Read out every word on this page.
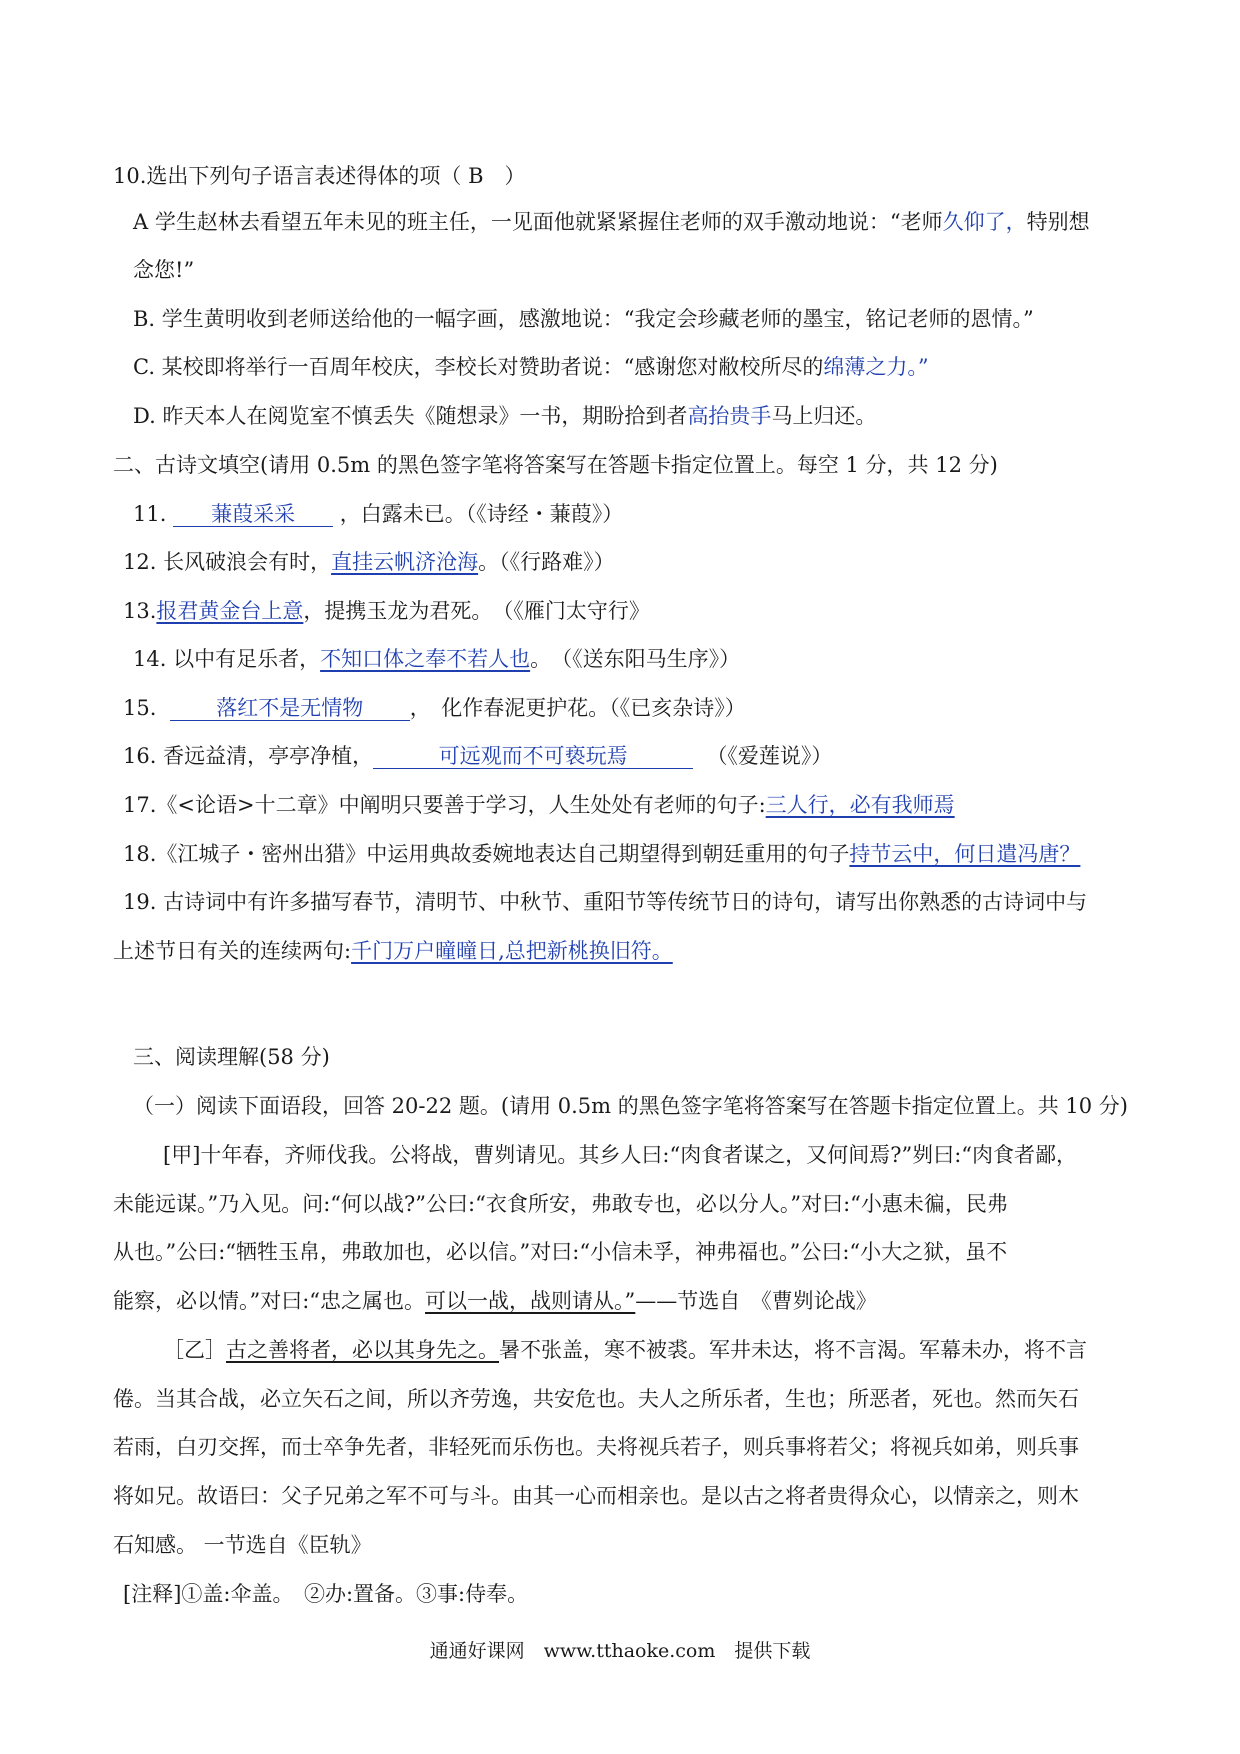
10.选出下列句子语言表述得体的项（ B　）
A 学生赵林去看望五年未见的班主任，一见面他就紧紧握住老师的双手激动地说：“老师久仰了，特别想
念您!”
B. 学生黄明收到老师送给他的一幅字画，感激地说：“我定会珍藏老师的墨宝，铭记老师的恩情。”
C. 某校即将举行一百周年校庆，李校长对赞助者说：“感谢您对敝校所尽的绵薄之力。”
D. 昨天本人在阅览室不慎丢失《随想录》一书，期盼拾到者高抬贵手马上归还。
二、古诗文填空(请用 0.5m 的黑色签字笔将答案写在答题卡指定位置上。每空 1 分，共 12 分)
11. 蒹葭采采 ，白露未已。（《诗经・蒹葭》）
12. 长风破浪会有时，直挂云帆济沧海。（《行路难》）
13.报君黄金台上意，提携玉龙为君死。　（《雁门太守行》
14. 以中有足乐者，不知口体之奉不若人也。　（《送东阳马生序》）
15.	落红不是无情物 ，　化作春泥更护花。（《已亥杂诗》）
16. 香远益清，亭亭净植，	可远观而不可亵玩焉	（《爱莲说》）
17.《<论语>十二章》中阐明只要善于学习，人生处处有老师的句子:三人行，必有我师焉
18.《江城子・密州出猎》中运用典故委婉地表达自己期望得到朝廷重用的句子持节云中，何日遣冯唐？
19. 古诗词中有许多描写春节，清明节、中秋节、重阳节等传统节日的诗句，请写出你熟悉的古诗词中与
上述节日有关的连续两句:千门万户曈曈日,总把新桃换旧符。
三、阅读理解(58 分)
（一）阅读下面语段，回答 20-22 题。(请用 0.5m 的黑色签字笔将答案写在答题卡指定位置上。共 10 分)
[甲]十年春，齐师伐我。公将战，曹刿请见。其乡人曰:“肉食者谋之，又何间焉?”刿曰:“肉食者鄙，
未能远谋。”乃入见。问:“何以战?”公曰:“衣食所安，弗敢专也，必以分人。”对曰:“小惠未徧，民弗
从也。”公曰:“牺牲玉帛，弗敢加也，必以信。”对曰:“小信未孚，神弗福也。”公曰:“小大之狱，虽不
能察，必以情。”对曰:“忠之属也。可以一战，战则请从。”——节选自　《曹刿论战》
［乙］古之善将者，必以其身先之。暑不张盖，寒不被裘。军井未达，将不言渴。军幕未办，将不言
倦。当其合战，必立矢石之间，所以齐劳逸，共安危也。夫人之所乐者，生也；所恶者，死也。然而矢石
若雨，白刃交挥，而士卒争先者，非轻死而乐伤也。夫将视兵若子，则兵事将若父；将视兵如弟，则兵事
将如兄。故语曰：父子兄弟之军不可与斗。由其一心而相亲也。是以古之将者贵得众心，以情亲之，则木
石知感。 一节选自《臣轨》
[注释]①盖:伞盖。　②办:置备。③事:侍奉。
通通好课网　www.tthaoke.com　提供下载
